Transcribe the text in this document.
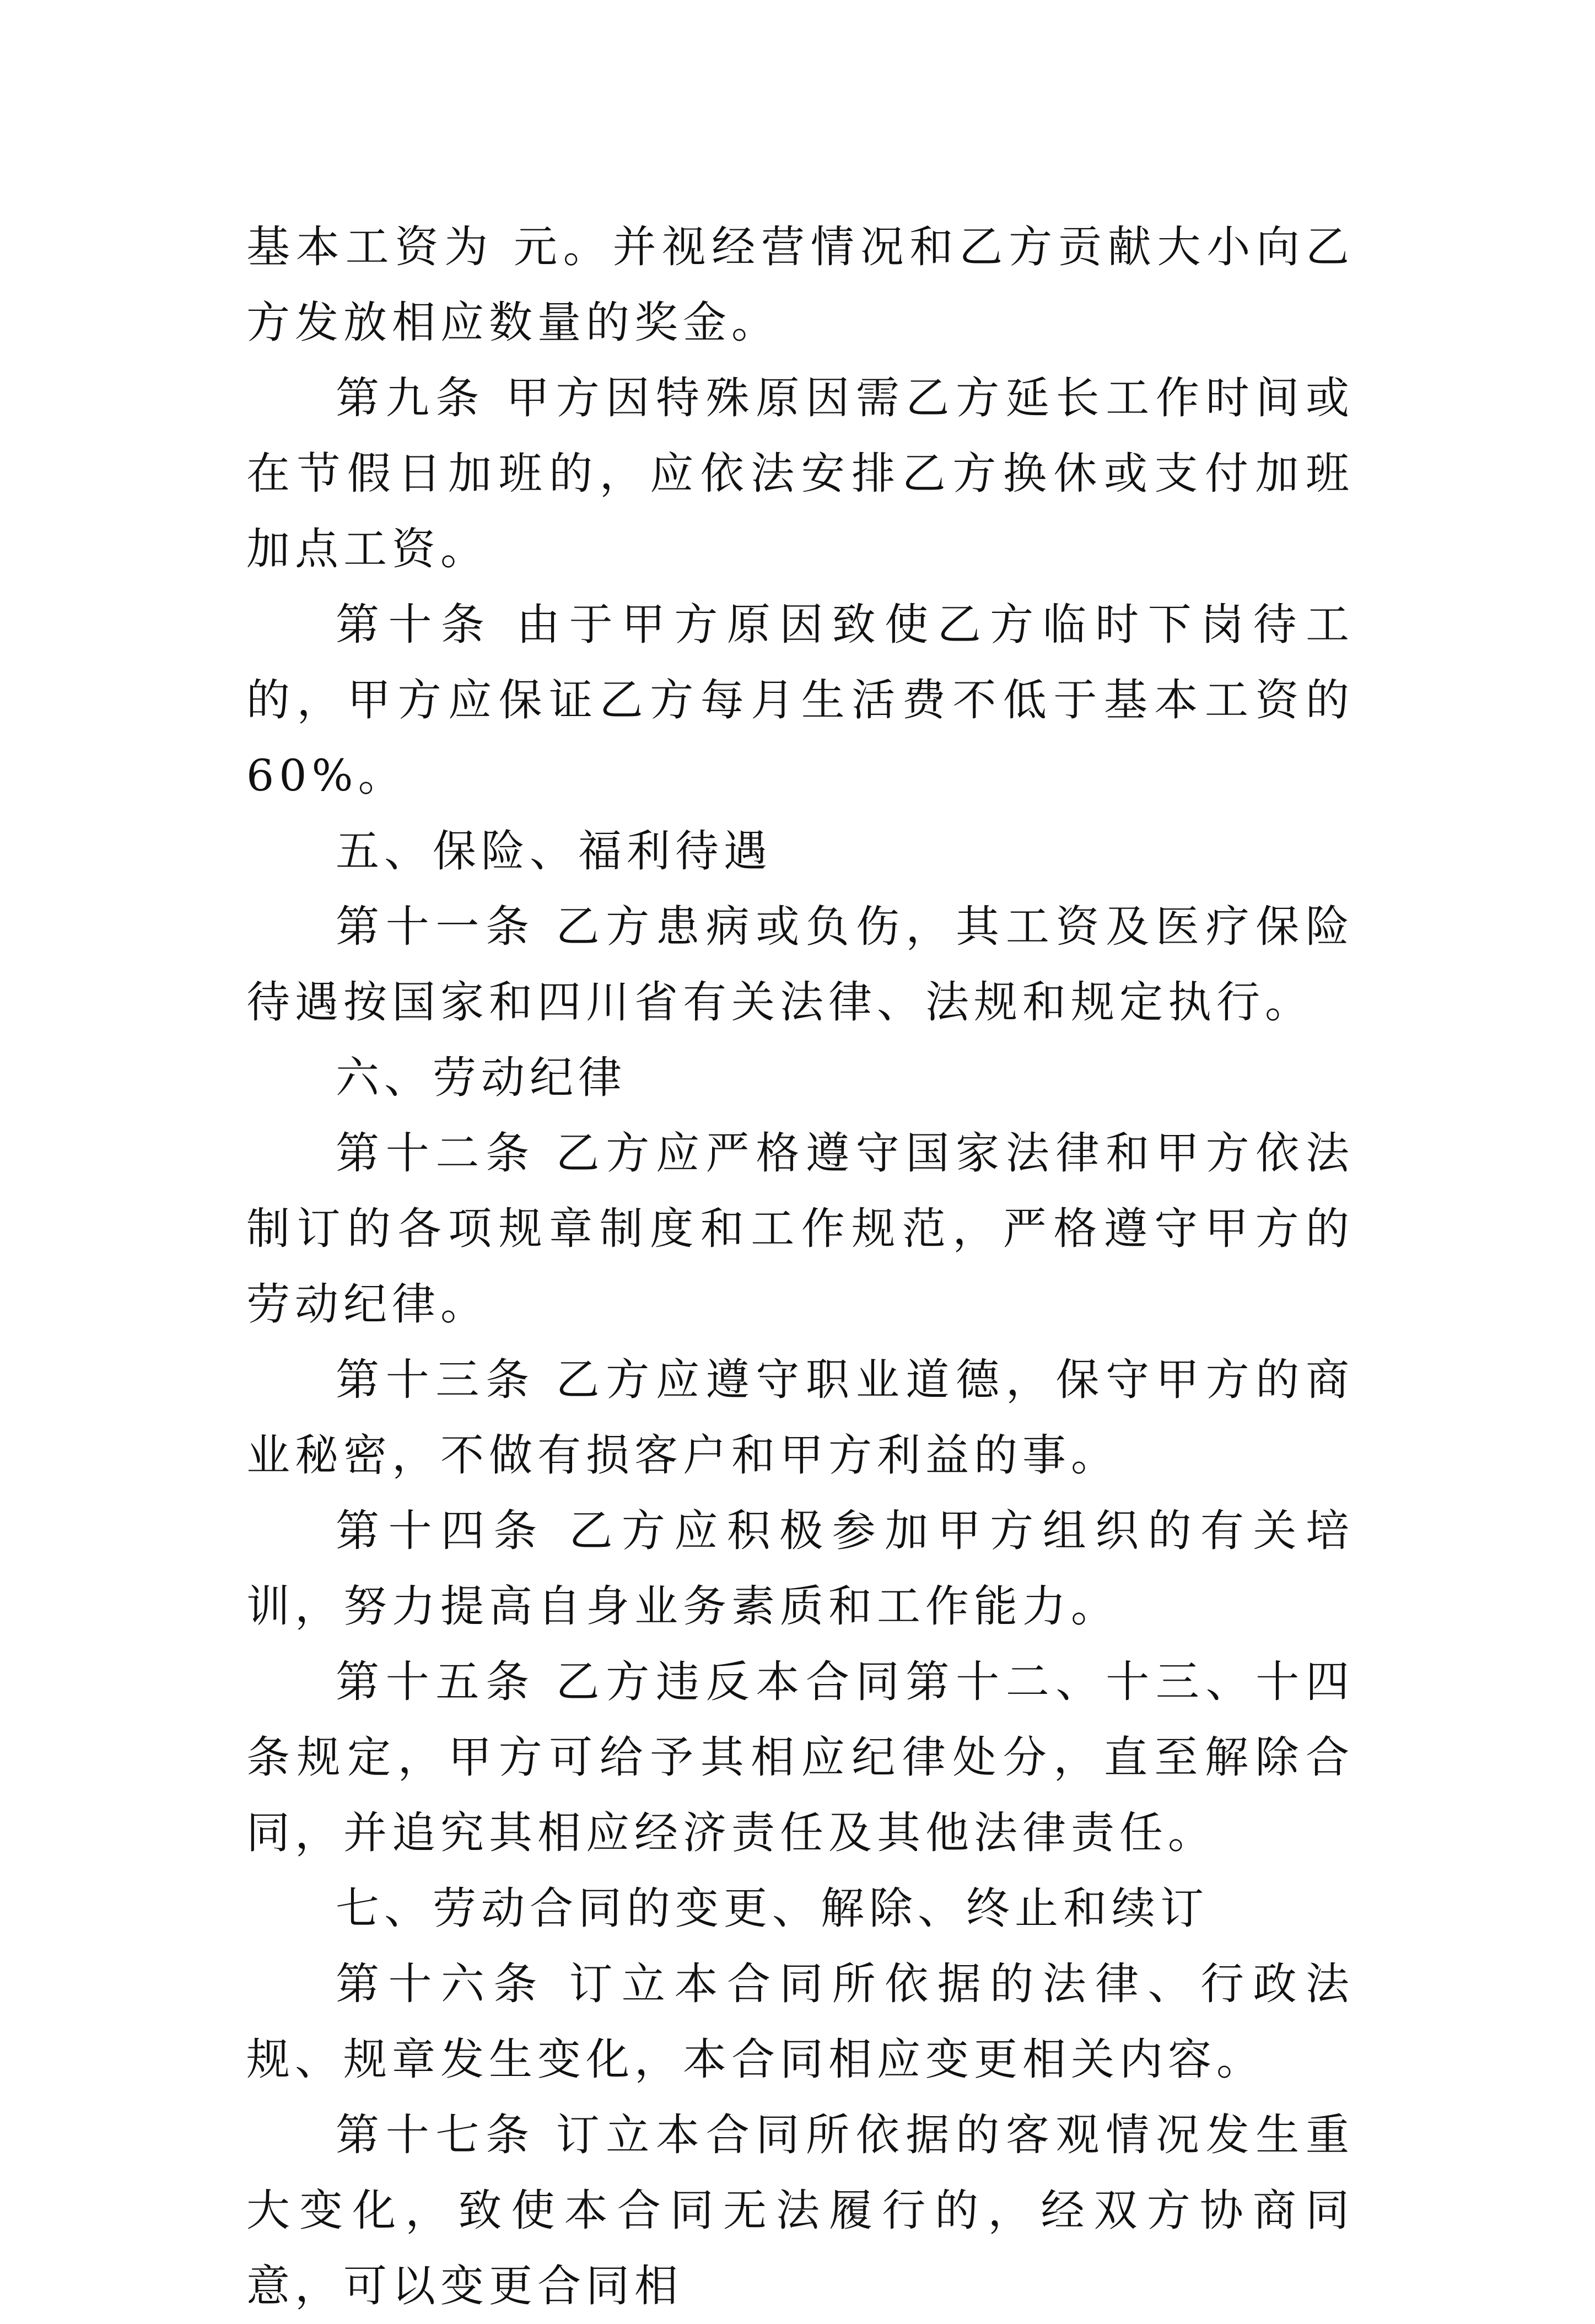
基本工资为 元。并视经营情况和乙方贡献大小向乙方发放相应数量的奖金。

第九条 甲方因特殊原因需乙方延长工作时间或在节假日加班的，应依法安排乙方换休或支付加班加点工资。

第十条 由于甲方原因致使乙方临时下岗待工的，甲方应保证乙方每月生活费不低于基本工资的60%。

五、保险、福利待遇

第十一条 乙方患病或负伤，其工资及医疗保险待遇按国家和四川省有关法律、法规和规定执行。

六、劳动纪律

第十二条 乙方应严格遵守国家法律和甲方依法制订的各项规章制度和工作规范，严格遵守甲方的劳动纪律。

第十三条 乙方应遵守职业道德，保守甲方的商业秘密，不做有损客户和甲方利益的事。

第十四条 乙方应积极参加甲方组织的有关培训，努力提高自身业务素质和工作能力。

第十五条 乙方违反本合同第十二、十三、十四条规定，甲方可给予其相应纪律处分，直至解除合同，并追究其相应经济责任及其他法律责任。

七、劳动合同的变更、解除、终止和续订

第十六条 订立本合同所依据的法律、行政法规、规章发生变化，本合同相应变更相关内容。

第十七条 订立本合同所依据的客观情况发生重大变化，致使本合同无法履行的，经双方协商同意，可以变更合同相
